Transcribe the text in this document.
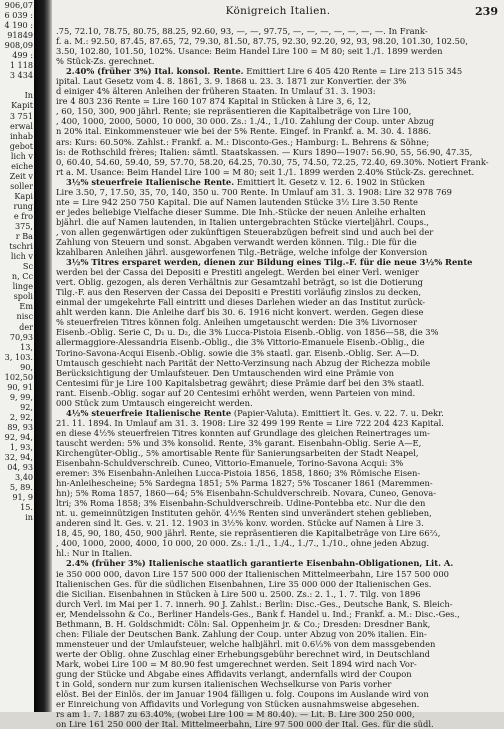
906,07
6 039 :
4 190 :
91849
908,09
499 :
1 118
3 434
In
Kapit
3 751
erwal
inhab
gebot
lich v
eiche
Zeit v
soller
Kapi
rung
e fro
375,
r Ba
tschri
lich v
Sc
n, Cc
linge
spoli
Em
nisc
der
70,93
13,
3, 103.
90,
102,50
90, 91
9, 99,
92,
2, 92,
89, 93
92, 94,
1, 93,
32, 94,
04, 93
3,40
5, 89.
91, 9
15.
in
Königreich Italien.	239
.75, 72.10, 78.75, 80.75, 88.25, 92.60, 93, —, —, 97.75, —, —, —, —, —, —, —. In Frank-
f. a. M.: 92.50, 87.45, 87.65, 72, 79.30, 81.50, 87.75, 92.30, 92.20, 92, 93, 98.20, 101.30, 102.50,
3.50, 102.80, 101.50, 102%. Usance: Beim Handel Lire 100 = M 80; seit 1./1. 1899 werden
% Stück-Zs. gerechnet.
2.40% (früher 3%) Ital. konsol. Rente. Emittiert Lire 6 405 420 Rente = Lire 213 515 345
ipital. Laut Gesetz vom 4. 8. 1861, 3. 9. 1868 u. 23. 3. 1871 zur Konvertier. der 3%
d einiger 4% älteren Anleihen der früheren Staaten. In Umlauf 31. 3. 1903:
ire 4 803 236 Rente = Lire 160 107 874 Kapital in Stücken à Lire 3, 6, 12,
, 60, 150, 300, 900 jährl. Rente; sie repräsentieren die Kapitalbeträge von Lire 100,
, 400, 1000, 2000, 5000, 10 000, 30 000. Zs.: 1./4., 1./10. Zahlung der Coup. unter Abzug
n 20% ital. Einkommensteuer wie bei der 5% Rente. Eingef. in Frankf. a. M. 30. 4. 1886.
ars: Kurs: 60.50%. Zahlst.: Frankf. a. M.: Disconto-Ges.; Hamburg: L. Behrens & Söhne;
is: de Rothschild frères; Italien: sämtl. Staatskassen. — Kurs 1890—1907: 56.90, 55, 56.90, 47.35,
0, 60.40, 54.60, 59.40, 59, 57.70, 58.20, 64.25, 70.30, 75, 74.50, 72.25, 72.40, 69.30%. Notiert Frank-
rt a. M. Usance: Beim Handel Lire 100 = M 80; seit 1./1. 1899 werden 2.40% Stück-Zs. gerechnet.
3½% steuerfreie Italienische Rente. Emittiert lt. Gesetz v. 12. 6. 1902 in Stücken
Lire 3.50, 7, 17.50, 35, 70, 140, 350 u. 700 Rente. In Umlauf am 31. 3. 1908: Lire 32 978 769
nte = Lire 942 250 750 Kapital. Die auf Namen lautenden Stücke 3½ Lire 3.50 Rente
er jedes beliebige Vielfache dieser Summe. Die Inh.-Stücke der neuen Anleihe erhalten
bjährl. die auf Namen lautenden, in Italien untergebrachten Stücke vierteljährl. Coups.,
, von allen gegenwärtigen oder zukünftigen Steuerabzügen befreit sind und auch bei der
Zahlung von Steuern und sonst. Abgaben verwandt werden können. Tilg.: Die für die
kzahlbaren Anleihen jährl. ausgeworfenen Tilg.-Beträge, welche infolge der Konversion
3½% Titres ersparet werden, dienen zur Bildung eines Tilg.-F. für die neue 3½% Rente
werden bei der Cassa dei Depositi e Prestiti angelegt. Werden bei einer Verl. weniger
vert. Oblig. gezogen, als deren Verhältnis zur Gesamtzahl beträgt, so ist die Dotierung
Tilg.-F. aus den Reserven der Cassa dei Depositi e Prestiti vorläufig zinslos zu decken,
einmal der umgekehrte Fall eintritt und dieses Darlehen wieder an das Institut zurück-
ahlt werden kann. Die Anleihe darf bis 30. 6. 1916 nicht konvert. werden. Gegen diese
% steuerfreien Titres können folg. Anleihen umgetauscht werden: Die 3% Livornoser
Eisenb.-Oblig. Serie C, D₁ u. D₂, die 3% Lucca-Pistoia Eisenb.-Oblig. von 1856—58, die 3%
allermaggiore-Alessandria Eisenb.-Oblig., die 3% Vittorio-Emanuele Eisenb.-Oblig., die
Torino-Savona-Acqui Eisenb.-Oblig. sowie die 3% staatl. gar. Eisenb.-Oblig. Ser. A—D.
Umtausch geschieht nach Parität der Netto-Verzinsung nach Abzug der Richezza mobile
Berücksichtigung der Umlaufsteuer. Den Umtauschenden wird eine Prämie von
Centesimi für je Lire 100 Kapitalsbetrag gewährt; diese Prämie darf bei den 3% staatl.
rant. Eisenb.-Oblig. sogar auf 20 Centesimi erhöht werden, wenn Parteien von mind.
000 Stück zum Umtausch eingereicht werden.
4½% steuerfreie Italienische Rente (Papier-Valuta). Emittiert lt. Ges. v. 22. 7. u. Dekr.
21. 11. 1894. In Umlauf am 31. 3. 1908: Lire 32 499 199 Rente = Lire 722 204 423 Kapital.
en diese 4½% steuerfreien Titres konnten auf Grundlage des gleichen Reinertrages um-
tauscht werden: 5% und 3% konsolid. Rente, 3% garant. Eisenbahn-Oblig. Serie A—E,
Kirchengüter-Oblig., 5% amortisable Rente für Sanierungsarbeiten der Stadt Neapel,
Eisenbahn-Schuldverschreib. Cuneo, Vittorio-Emanuele, Torino-Savona Acqui: 3%
eremer: 3% Eisenbahn-Anleihen Lucca-Pistoia 1856, 1858, 1860; 3% Römische Eisen-
hn-Anleihescheine; 5% Sardegna 1851; 5% Parma 1827; 5% Toscaner 1861 (Maremmen-
hn); 5% Roma 1857, 1860—64; 5% Eisenbahn-Schuldverschreib. Novara, Cuneo, Genova-
ltri; 3% Roma 1858; 3% Eisenbahn-Schuldverschreib. Udine-Pontebba etc. Nur die den
nt. u. gemeinnützigen Instituten gehör. 4½% Renten sind unverändert stehen geblieben,
anderen sind lt. Ges. v. 21. 12. 1903 in 3½% konv. worden. Stücke auf Namen à Lire 3.
18, 45, 90, 180, 450, 900 jährl. Rente, sie repräsentieren die Kapitalbeträge von Lire 66⅔,
, 400, 1000, 2000, 4000, 10 000, 20 000. Zs.: 1./1., 1./4., 1./7., 1./10., ohne jeden Abzug.
hl.: Nur in Italien.
2.4% (früher 3%) Italienische staatlich garantierte Eisenbahn-Obligationen, Lit. A.
ie 350 000 000, davon Lire 157 500 000 der Italienischen Mittelmeerbahn, Lire 157 500 000
Italienischen Ges. für die südlichen Eisenbahnen, Lire 35 000 000 der Italienischen Ges.
die Sicilian. Eisenbahnen in Stücken à Lire 500 u. 2500. Zs.: 2. 1., 1. 7. Tilg. von 1896
durch Verl. im Mai per 1. 7. innerh. 90 J. Zahlst.: Berlin: Disc.-Ges., Deutsche Bank, S. Bleich-
er, Mendelssohn & Co., Berliner Handels-Ges., Bank f. Handel u. Ind.; Frankf. a. M.: Disc.-Ges.,
Bethmann, B. H. Goldschmidt: Cöln: Sal. Oppenheim jr. & Co.; Dresden: Dresdner Bank,
chen: Filiale der Deutschen Bank. Zahlung der Coup. unter Abzug von 20% italien. Ein-
mmensteuer und der Umlaufsteuer, welche halbjährl. mit 0.6⅓% von dem massgebenden
werte der Oblig. ohne Zuschlag einer Erhebungsgebühr berechnet wird, in Deutschland
Mark, wobei Lire 100 = M 80.90 fest umgerechnet werden. Seit 1894 wird nach Vor-
gung der Stücke und Abgabe eines Affidavits verlangt, andernfalls wird der Coupon
t in Gold, sondern nur zum kursen italienischen Wechselkurse von Paris vorher
elöst. Bei der Einlös. der im Januar 1904 fälligen u. folg. Coupons im Auslande wird von
er Einreichung von Affidavits und Vorlegung von Stücken ausnahmsweise abgesehen.
rs am 1. 7. 1887 zu 63.40%, (wobei Lire 100 = M 80.40). — Lit. B. Lire 300 250 000,
on Lire 161 250 000 der Ital. Mittelmeerbahn, Lire 97 500 000 der Ital. Ges. für die südl.
